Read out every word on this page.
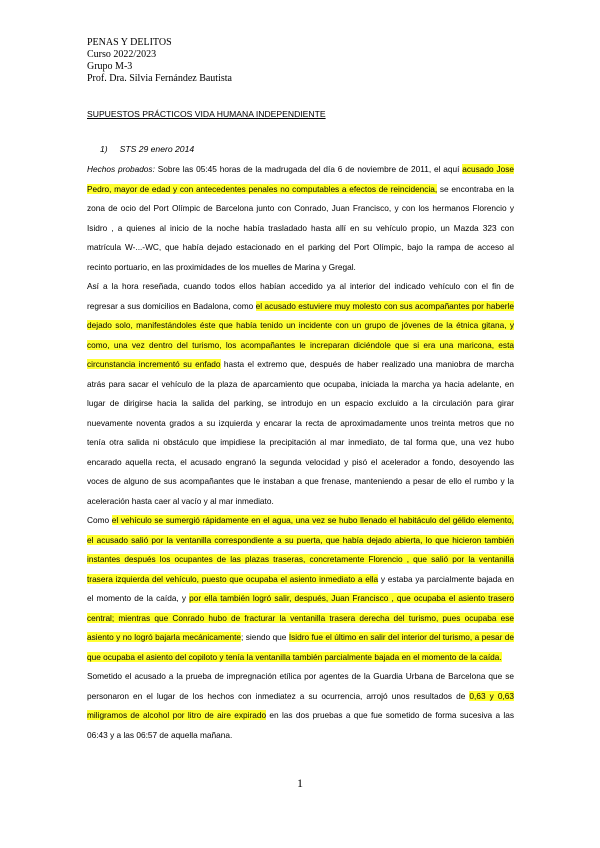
PENAS Y DELITOS
Curso 2022/2023
Grupo M-3
Prof. Dra. Silvia Fernández Bautista
SUPUESTOS PRÁCTICOS VIDA HUMANA INDEPENDIENTE
1) STS 29 enero 2014

Hechos probados: Sobre las 05:45 horas de la madrugada del día 6 de noviembre de 2011, el aquí acusado Jose Pedro, mayor de edad y con antecedentes penales no computables a efectos de reincidencia, se encontraba en la zona de ocio del Port Olímpic de Barcelona junto con Conrado, Juan Francisco, y con los hermanos Florencio y Isidro , a quienes al inicio de la noche había trasladado hasta allí en su vehículo propio, un Mazda 323 con matrícula W-...-WC, que había dejado estacionado en el parking del Port Olímpic, bajo la rampa de acceso al recinto portuario, en las proximidades de los muelles de Marina y Gregal.

Así a la hora reseñada, cuando todos ellos habían accedido ya al interior del indicado vehículo con el fin de regresar a sus domicilios en Badalona, como el acusado estuviere muy molesto con sus acompañantes por haberle dejado solo, manifestándoles éste que había tenido un incidente con un grupo de jóvenes de la étnica gitana, y como, una vez dentro del turismo, los acompañantes le increparan diciéndole que si era una maricona, esta circunstancia incrementó su enfado hasta el extremo que, después de haber realizado una maniobra de marcha atrás para sacar el vehículo de la plaza de aparcamiento que ocupaba, iniciada la marcha ya hacia adelante, en lugar de dirigirse hacia la salida del parking, se introdujo en un espacio excluido a la circulación para girar nuevamente noventa grados a su izquierda y encarar la recta de aproximadamente unos treinta metros que no tenía otra salida ni obstáculo que impidiese la precipitación al mar inmediato, de tal forma que, una vez hubo encarado aquella recta, el acusado engranó la segunda velocidad y pisó el acelerador a fondo, desoyendo las voces de alguno de sus acompañantes que le instaban a que frenase, manteniendo a pesar de ello el rumbo y la aceleración hasta caer al vacío y al mar inmediato.

Como el vehículo se sumergió rápidamente en el agua, una vez se hubo llenado el habitáculo del gélido elemento, el acusado salió por la ventanilla correspondiente a su puerta, que había dejado abierta, lo que hicieron también instantes después los ocupantes de las plazas traseras, concretamente Florencio , que salió por la ventanilla trasera izquierda del vehículo, puesto que ocupaba el asiento inmediato a ella y estaba ya parcialmente bajada en el momento de la caída, y por ella también logró salir, después, Juan Francisco , que ocupaba el asiento trasero central; mientras que Conrado hubo de fracturar la ventanilla trasera derecha del turismo, pues ocupaba ese asiento y no logró bajarla mecánicamente; siendo que Isidro fue el último en salir del interior del turismo, a pesar de que ocupaba el asiento del copiloto y tenía la ventanilla también parcialmente bajada en el momento de la caída.

Sometido el acusado a la prueba de impregnación etílica por agentes de la Guardia Urbana de Barcelona que se personaron en el lugar de los hechos con inmediatez a su ocurrencia, arrojó unos resultados de 0,63 y 0,63 miligramos de alcohol por litro de aire expirado en las dos pruebas a que fue sometido de forma sucesiva a las 06:43 y a las 06:57 de aquella mañana.

1
